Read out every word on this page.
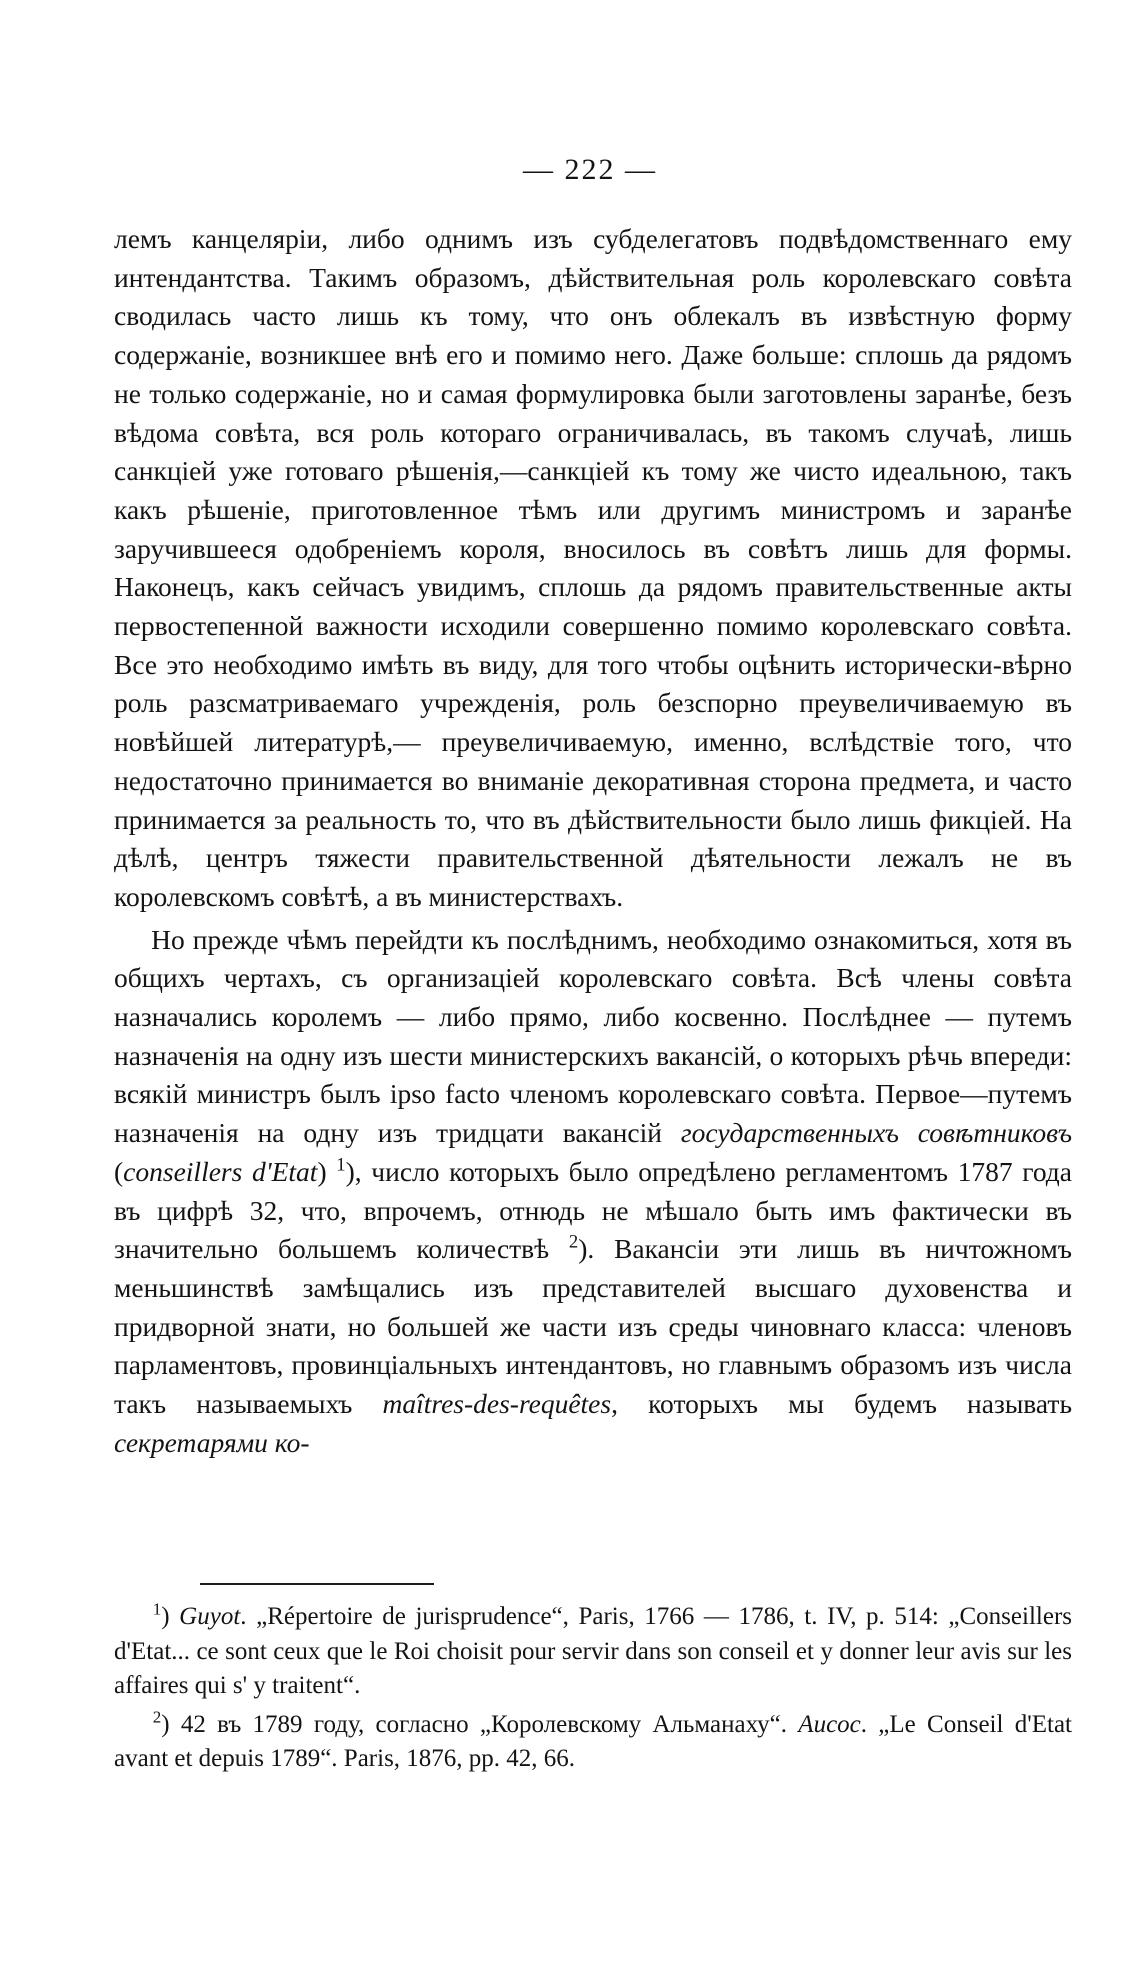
— 222 —

лемъ канцеляріи, либо однимъ изъ субделегатовъ подвѣдомственнаго ему интендантства. Такимъ образомъ, дѣйствительная роль королевскаго совѣта сводилась часто лишь къ тому, что онъ облекалъ въ извѣстную форму содержаніе, возникшее внѣ его и помимо него. Даже больше: сплошь да рядомъ не только содержаніе, но и самая формулировка были заготовлены заранѣе, безъ вѣдома совѣта, вся роль котораго ограничивалась, въ такомъ случаѣ, лишь санкціей уже готоваго рѣшенія,—санкціей къ тому же чисто идеальною, такъ какъ рѣшеніе, приготовленное тѣмъ или другимъ министромъ и заранѣе заручившееся одобреніемъ короля, вносилось въ совѣтъ лишь для формы. Наконецъ, какъ сейчасъ увидимъ, сплошь да рядомъ правительственные акты первостепенной важности исходили совершенно помимо королевскаго совѣта. Все это необходимо имѣть въ виду, для того чтобы оцѣнить исторически-вѣрно роль разсматриваемаго учрежденія, роль безспорно преувеличиваемую въ новѣйшей литературѣ,— преувеличиваемую, именно, вслѣдствіе того, что недостаточно принимается во вниманіе декоративная сторона предмета, и часто принимается за реальность то, что въ дѣйствительности было лишь фикціей. На дѣлѣ, центръ тяжести правительственной дѣятельности лежалъ не въ королевскомъ совѣтѣ, а въ министерствахъ.

Но прежде чѣмъ перейдти къ послѣднимъ, необходимо ознакомиться, хотя въ общихъ чертахъ, съ организаціей королевскаго совѣта. Всѣ члены совѣта назначались королемъ — либо прямо, либо косвенно. Послѣднее — путемъ назначенія на одну изъ шести министерскихъ вакансій, о которыхъ рѣчь впереди: всякій министръ былъ ipso facto членомъ королевскаго совѣта. Первое—путемъ назначенія на одну изъ тридцати вакансій государственныхъ совѣтниковъ (conseillers d'Etat) $^1$), число которыхъ было опредѣлено регламентомъ 1787 года въ цифрѣ 32, что, впрочемъ, отнюдь не мѣшало быть имъ фактически въ значительно большемъ количествѣ $^2$). Вакансіи эти лишь въ ничтожномъ меньшинствѣ замѣщались изъ представителей высшаго духовенства и придворной знати, но большей же части изъ среды чиновнаго класса: членовъ парламентовъ, провинціальныхъ интендантовъ, но главнымъ образомъ изъ числа такъ называемыхъ maîtres-des-requêtes, которыхъ мы будемъ называть секретарями ко-

$^1$) Guyot. „Répertoire de jurisprudence“, Paris, 1766 — 1786, t. IV, p. 514: „Conseillers d'Etat... ce sont ceux que le Roi choisit pour servir dans son conseil et y donner leur avis sur les affaires qui s' y traitent“.

$^2$) 42 въ 1789 году, согласно „Королевскому Альманаху“. Aucoc. „Le Conseil d'Etat avant et depuis 1789“. Paris, 1876, pp. 42, 66.
